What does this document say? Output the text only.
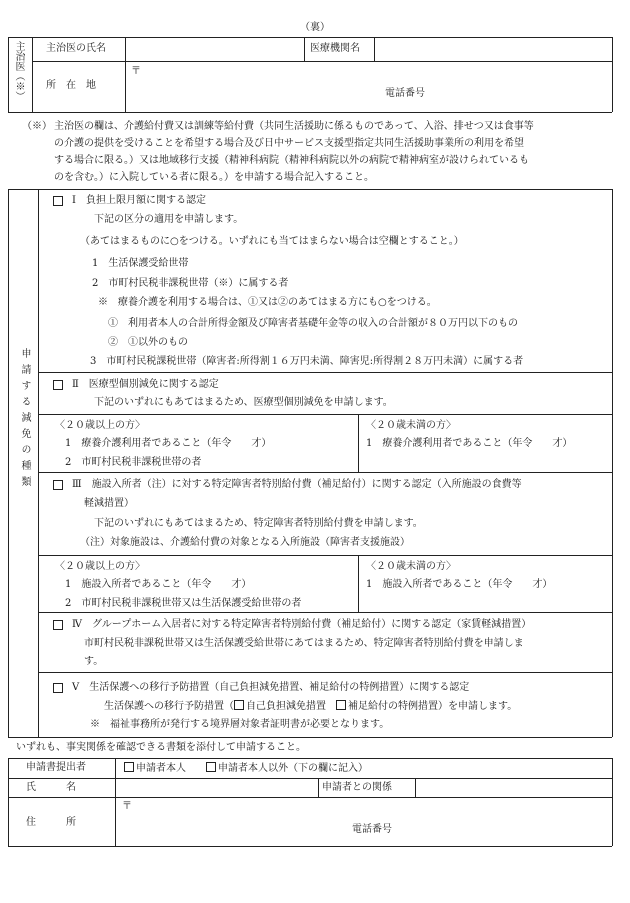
（裏）
主治医（※） 主治医の氏名	医療機関名
所　在　地
〒
電話番号
（※） 主治医の欄は、介護給付費又は訓練等給付費（共同生活援助に係るものであって、入浴、排せつ又は食事等
の介護の提供を受けることを希望する場合及び日中サービス支援型指定共同生活援助事業所の利用を希望
する場合に限る。）又は地域移行支援（精神科病院（精神科病院以外の病院で精神病室が設けられているも
のを含む。）に入院している者に限る。）を申請する場合記入すること。
申請する減免の種類
Ⅰ　負担上限月額に関する認定
下記の区分の適用を申請します。
（あてはまるものに○をつける。いずれにも当てはまらない場合は空欄とすること。）
1　生活保護受給世帯
2　市町村民税非課税世帯（※）に属する者
※　療養介護を利用する場合は、①又は②のあてはまる方にも○をつける。
①　利用者本人の合計所得金額及び障害者基礎年金等の収入の合計額が８０万円以下のもの
②　①以外のもの
3　市町村民税課税世帯（障害者:所得割１６万円未満、障害児:所得割２８万円未満）に属する者
Ⅱ　医療型個別減免に関する認定
下記のいずれにもあてはまるため、医療型個別減免を申請します。
〈２０歳以上の方〉
1　療養介護利用者であること（年令　　才）
2　市町村民税非課税世帯の者
〈２０歳未満の方〉
1　療養介護利用者であること（年令　　才）
Ⅲ　施設入所者（注）に対する特定障害者特別給付費（補足給付）に関する認定（入所施設の食費等
軽減措置）
下記のいずれにもあてはまるため、特定障害者特別給付費を申請します。
（注）対象施設は、介護給付費の対象となる入所施設（障害者支援施設）
〈２０歳以上の方〉
1　施設入所者であること（年令　　才）
2　市町村民税非課税世帯又は生活保護受給世帯の者
〈２０歳未満の方〉
1　施設入所者であること（年令　　才）
Ⅳ　グループホーム入居者に対する特定障害者特別給付費（補足給付）に関する認定（家賃軽減措置）
市町村民税非課税世帯又は生活保護受給世帯にあてはまるため、特定障害者特別給付費を申請しま
す。
Ⅴ　生活保護への移行予防措置（自己負担減免措置、補足給付の特例措置）に関する認定
生活保護への移行予防措置（ 自己負担減免措置　 補足給付の特例措置）を申請します。
※　福祉事務所が発行する境界層対象者証明書が必要となります。
いずれも、事実関係を確認できる書類を添付して申請すること。
申請書提出者	申請者本人　　	申請者本人以外（下の欄に記入）
氏　　　名	申請者との関係
住　　　所
〒
電話番号
